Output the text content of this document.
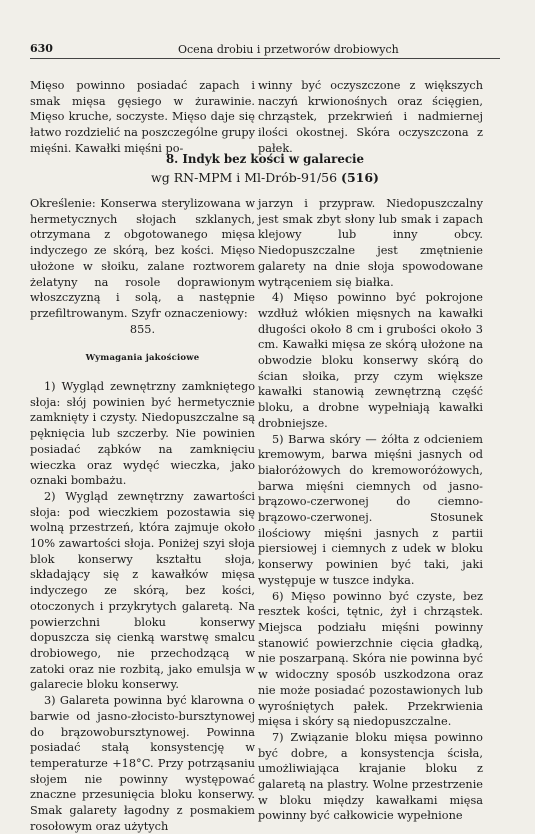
630	Ocena drobiu i przetworów drobiowych

Mięso powinno posiadać zapach i smak mięsa gęsiego w żurawinie. Mięso kruche, soczyste. Mięso daje się łatwo rozdzielić na poszczególne grupy mięśni. Kawałki mięśni po-

winny być oczyszczone z większych naczyń krwionośnych oraz ścięgien, chrząstek, przekrwień i nadmiernej ilości okostnej. Skóra oczyszczona z pałek.

8. Indyk bez kości w galarecie
wg RN-MPM i Ml-Drób-91/56 (516)

Określenie: Konserwa sterylizowana w hermetycznych słojach szklanych, otrzymana z obgotowanego mięsa indyczego ze skórą, bez kości. Mięso ułożone w słoiku, zalane roztworem żelatyny na rosole doprawionym włoszczyzną i solą, a następnie przefiltrowanym. Szyfr oznaczeniowy:

855.

Wymagania jakościowe

1) Wygląd zewnętrzny zamkniętego słoja: słój powinien być hermetycznie zamknięty i czysty. Niedopuszczalne są pęknięcia lub szczerby. Nie powinien posiadać ząbków na zamknięciu wieczka oraz wydęć wieczka, jako oznaki bombażu.

2) Wygląd zewnętrzny zawartości słoja: pod wieczkiem pozostawia się wolną przestrzeń, która zajmuje około 10% zawartości słoja. Poniżej szyi słoja blok konserwy kształtu słoja, składający się z kawałków mięsa indyczego ze skórą, bez kości, otoczonych i przykrytych galaretą. Na powierzchni bloku konserwy dopuszcza się cienką warstwę smalcu drobiowego, nie przechodzącą w zatoki oraz nie rozbitą, jako emulsja w galarecie bloku konserwy.

3) Galareta powinna być klarowna o barwie od jasno-złocisto-bursztynowej do brązowobursztynowej. Powinna posiadać stałą konsystencję w temperaturze +18°C. Przy potrząsaniu słojem nie powinny występować znaczne przesunięcia bloku konserwy. Smak galarety łagodny z posmakiem rosołowym oraz użytych

jarzyn i przypraw. Niedopuszczalny jest smak zbyt słony lub smak i zapach klejowy lub inny obcy. Niedopuszczalne jest zmętnienie galarety na dnie słoja spowodowane wytrąceniem się białka.

4) Mięso powinno być pokrojone wzdłuż włókien mięsnych na kawałki długości około 8 cm i grubości około 3 cm. Kawałki mięsa ze skórą ułożone na obwodzie bloku konserwy skórą do ścian słoika, przy czym większe kawałki stanowią zewnętrzną część bloku, a drobne wypełniają kawałki drobniejsze.

5) Barwa skóry — żółta z odcieniem kremowym, barwa mięśni jasnych od białoróżowych do kremoworóżowych, barwa mięśni ciemnych od jasno-brązowo-czerwonej do ciemno-brązowo-czerwonej. Stosunek ilościowy mięśni jasnych z partii piersiowej i ciemnych z udek w bloku konserwy powinien być taki, jaki występuje w tuszce indyka.

6) Mięso powinno być czyste, bez resztek kości, tętnic, żył i chrząstek. Miejsca podziału mięśni powinny stanowić powierzchnie cięcia gładką, nie poszarpaną. Skóra nie powinna być w widoczny sposób uszkodzona oraz nie może posiadać pozostawionych lub wyrośniętych pałek. Przekrwienia mięsa i skóry są niedopuszczalne.

7) Związanie bloku mięsa powinno być dobre, a konsystencja ścisła, umożliwiająca krajanie bloku z galaretą na plastry. Wolne przestrzenie w bloku między kawałkami mięsa powinny być całkowicie wypełnione
